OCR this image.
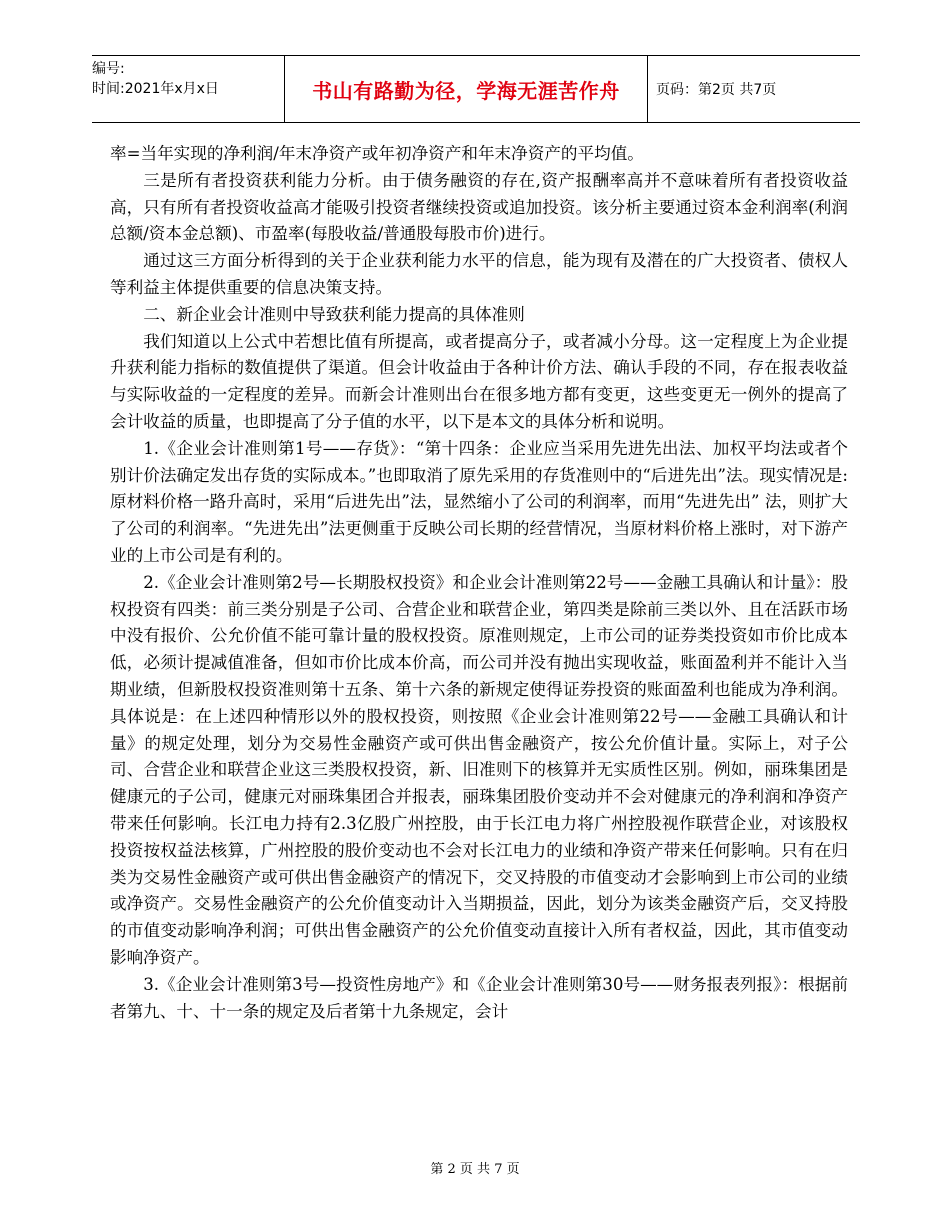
编号:
时间:2021年x月x日	书山有路勤为径，学海无涯苦作舟	页码：第2页 共7页

率=当年实现的净利润/年末净资产或年初净资产和年末净资产的平均值。

三是所有者投资获利能力分析。由于债务融资的存在,资产报酬率高并不意味着所有者投资收益高，只有所有者投资收益高才能吸引投资者继续投资或追加投资。该分析主要通过资本金利润率(利润总额/资本金总额)、市盈率(每股收益/普通股每股市价)进行。

通过这三方面分析得到的关于企业获利能力水平的信息，能为现有及潜在的广大投资者、债权人等利益主体提供重要的信息决策支持。

二、新企业会计准则中导致获利能力提高的具体准则

我们知道以上公式中若想比值有所提高，或者提高分子，或者减小分母。这一定程度上为企业提升获利能力指标的数值提供了渠道。但会计收益由于各种计价方法、确认手段的不同，存在报表收益与实际收益的一定程度的差异。而新会计准则出台在很多地方都有变更，这些变更无一例外的提高了会计收益的质量，也即提高了分子值的水平，以下是本文的具体分析和说明。

1.《企业会计准则第1号——存货》：“第十四条：企业应当采用先进先出法、加权平均法或者个别计价法确定发出存货的实际成本。”也即取消了原先采用的存货准则中的“后进先出”法。现实情况是:原材料价格一路升高时，采用“后进先出”法，显然缩小了公司的利润率，而用“先进先出” 法，则扩大了公司的利润率。“先进先出”法更侧重于反映公司长期的经营情况，当原材料价格上涨时，对下游产业的上市公司是有利的。

2.《企业会计准则第2号—长期股权投资》和企业会计准则第22号——金融工具确认和计量》：股权投资有四类：前三类分别是子公司、合营企业和联营企业，第四类是除前三类以外、且在活跃市场中没有报价、公允价值不能可靠计量的股权投资。原准则规定，上市公司的证券类投资如市价比成本低，必须计提减值准备，但如市价比成本价高，而公司并没有抛出实现收益，账面盈利并不能计入当期业绩，但新股权投资准则第十五条、第十六条的新规定使得证券投资的账面盈利也能成为净利润。具体说是：在上述四种情形以外的股权投资，则按照《企业会计准则第22号——金融工具确认和计量》的规定处理，划分为交易性金融资产或可供出售金融资产，按公允价值计量。实际上，对子公司、合营企业和联营企业这三类股权投资，新、旧准则下的核算并无实质性区别。例如，丽珠集团是健康元的子公司，健康元对丽珠集团合并报表，丽珠集团股价变动并不会对健康元的净利润和净资产带来任何影响。长江电力持有2.3亿股广州控股，由于长江电力将广州控股视作联营企业，对该股权投资按权益法核算，广州控股的股价变动也不会对长江电力的业绩和净资产带来任何影响。只有在归类为交易性金融资产或可供出售金融资产的情况下，交叉持股的市值变动才会影响到上市公司的业绩或净资产。交易性金融资产的公允价值变动计入当期损益，因此，划分为该类金融资产后，交叉持股的市值变动影响净利润；可供出售金融资产的公允价值变动直接计入所有者权益，因此，其市值变动影响净资产。

3.《企业会计准则第3号—投资性房地产》和《企业会计准则第30号——财务报表列报》：根据前者第九、十、十一条的规定及后者第十九条规定，会计

第 2 页 共 7 页
